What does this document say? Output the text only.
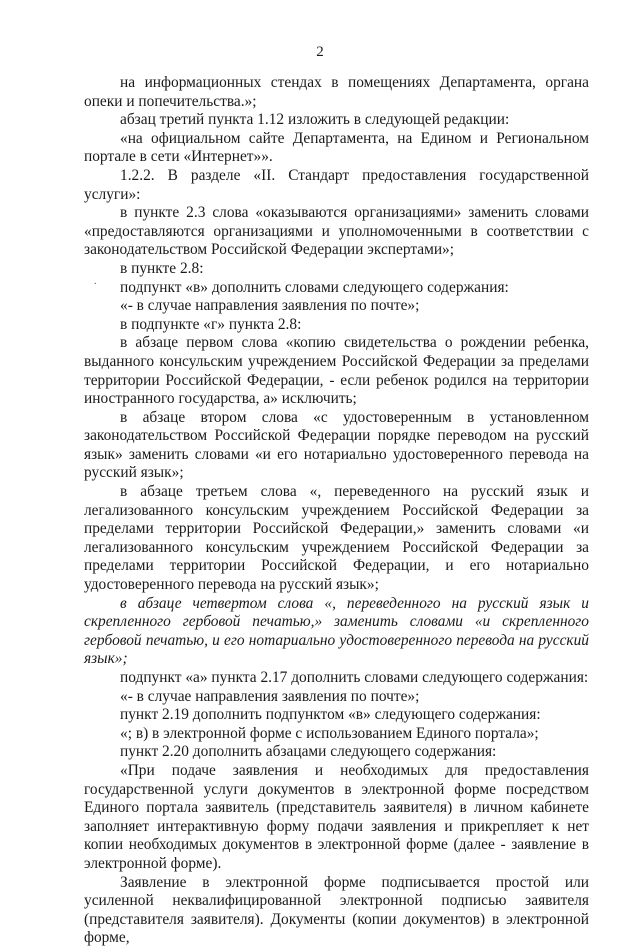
2
.

на информационных стендах в помещениях Департамента, органа опеки и попечительства.»;

абзац третий пункта 1.12 изложить в следующей редакции:

«на официальном сайте Департамента, на Едином и Региональном портале в сети «Интернет»».

1.2.2. В разделе «II. Стандарт предоставления государственной услуги»:

в пункте 2.3 слова «оказываются организациями» заменить словами «предоставляются организациями и уполномоченными в соответствии с законодательством Российской Федерации экспертами»;

в пункте 2.8:

подпункт «в» дополнить словами следующего содержания:

«- в случае направления заявления по почте»;

в подпункте «г» пункта 2.8:

в абзаце первом слова «копию свидетельства о рождении ребенка, выданного консульским учреждением Российской Федерации за пределами территории Российской Федерации, - если ребенок родился на территории иностранного государства, а» исключить;

в абзаце втором слова «с удостоверенным в установленном законодательством Российской Федерации порядке переводом на русский язык» заменить словами «и его нотариально удостоверенного перевода на русский язык»;

в абзаце третьем слова «, переведенного на русский язык и легализованного консульским учреждением Российской Федерации за пределами территории Российской Федерации,» заменить словами «и легализованного консульским учреждением Российской Федерации за пределами территории Российской Федерации, и его нотариально удостоверенного перевода на русский язык»;

в абзаце четвертом слова «, переведенного на русский язык и скрепленного гербовой печатью,» заменить словами «и скрепленного гербовой печатью, и его нотариально удостоверенного перевода на русский язык»;

подпункт «а» пункта 2.17 дополнить словами следующего содержания:

«- в случае направления заявления по почте»;

пункт 2.19 дополнить подпунктом «в» следующего содержания:

«; в) в электронной форме с использованием Единого портала»;

пункт 2.20 дополнить абзацами следующего содержания:

«При подаче заявления и необходимых для предоставления государственной услуги документов в электронной форме посредством Единого портала заявитель (представитель заявителя) в личном кабинете заполняет интерактивную форму подачи заявления и прикрепляет к нет копии необходимых документов в электронной форме (далее - заявление в электронной форме).

Заявление в электронной форме подписывается простой или усиленной неквалифицированной электронной подписью заявителя (представителя заявителя). Документы (копии документов) в электронной форме,
